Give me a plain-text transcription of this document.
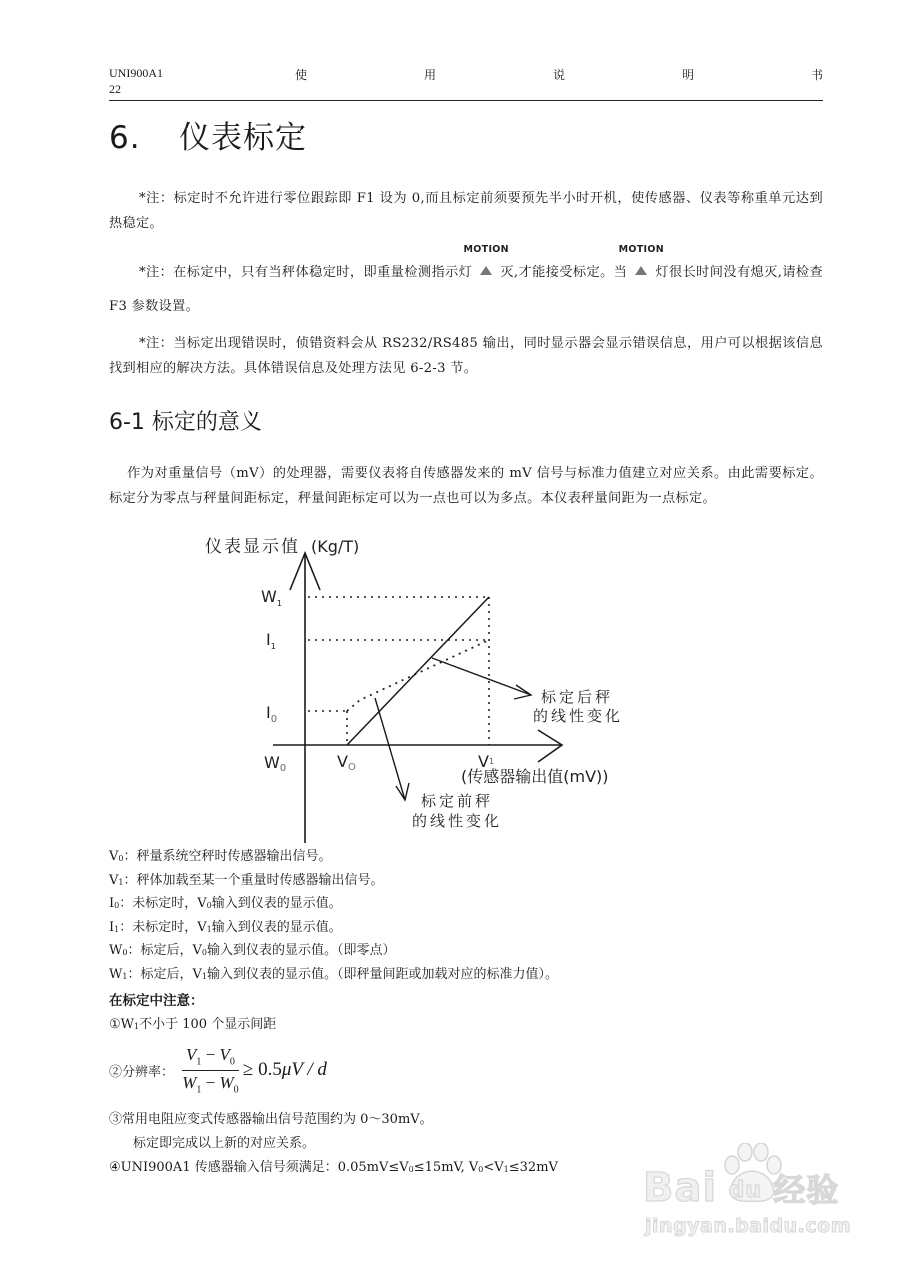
UNI900A1
22
使	用	说	明	书
6. 仪表标定
*注：标定时不允许进行零位跟踪即 F1 设为 0,而且标定前须要预先半小时开机，使传感器、仪表等称重单元达到热稳定。
*注：在标定中，只有当秤体稳定时，即重量检测指示灯
MOTION
灭,才能接受标定。当
MOTION
灯很长时间没有熄灭,请检查 F3 参数设置。
*注：当标定出现错误时，侦错资料会从 RS232/RS485 输出，同时显示器会显示错误信息，用户可以根据该信息找到相应的解决方法。具体错误信息及处理方法见 6-2-3 节。
6-1 标定的意义
作为对重量信号（mV）的处理器，需要仪表将自传感器发来的 mV 信号与标准力值建立对应关系。由此需要标定。标定分为零点与秤量间距标定，秤量间距标定可以为一点也可以为多点。本仪表秤量间距为一点标定。
仪表显示值 (Kg/T)
(传感器输出值(mV))
$W_1$
$I_1$
$I_0$
W0	VO	V1
标定后秤
的线性变化
标定前秤
的线性变化
$V_0$：秤量系统空秤时传感器输出信号。
$V_1$：秤体加载至某一个重量时传感器输出信号。
$I_0$：未标定时，$V_0$输入到仪表的显示值。
$I_1$：未标定时，$V_1$输入到仪表的显示值。
$W_0$：标定后，$V_0$输入到仪表的显示值。（即零点）
$W_1$：标定后，$V_1$输入到仪表的显示值。（即秤量间距或加载对应的标准力值）。
在标定中注意：
$①W_1$不小于 100 个显示间距
②分辨率： $\frac{V_1 - V_0}{W_1 - W_0} \ge 0.5\mu V / d$
③常用电阻应变式传感器输出信号范围约为 0～30mV。
标定即完成以上新的对应关系。
④UNI900A1 传感器输入信号须满足：$0.05mV\le V_0\le 15mV$, $V_0<V_1\le 32mV$ Bai du 经验
jingyan.baidu.com
